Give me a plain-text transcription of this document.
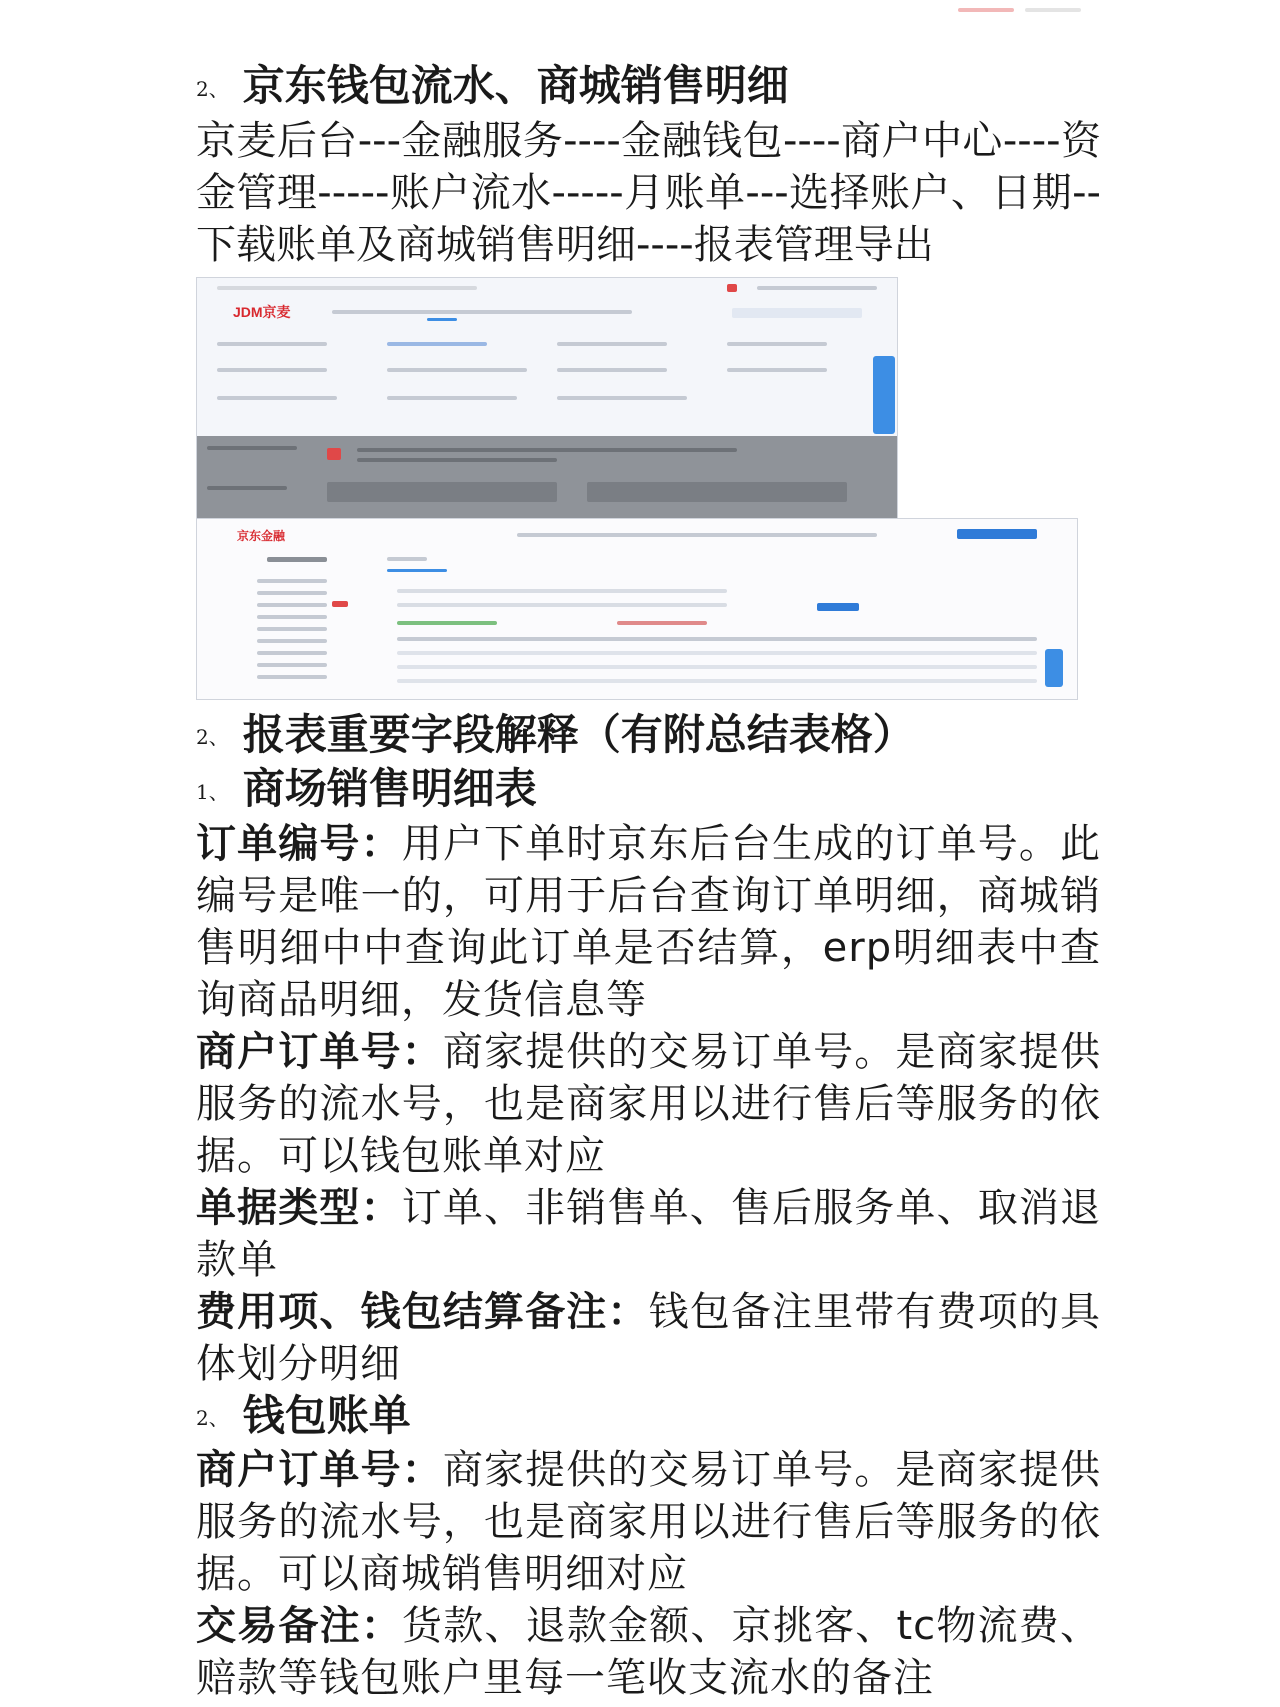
2、 京东钱包流水、商城销售明细

京麦后台---金融服务----金融钱包----商户中心----资金管理-----账户流水-----月账单---选择账户、日期--下载账单及商城销售明细----报表管理导出

JDM京麦
京东金融
2、 报表重要字段解释（有附总结表格）
1、 商场销售明细表

订单编号：用户下单时京东后台生成的订单号。此编号是唯一的，可用于后台查询订单明细，商城销售明细中中查询此订单是否结算，erp明细表中查询商品明细，发货信息等

商户订单号：商家提供的交易订单号。是商家提供服务的流水号，也是商家用以进行售后等服务的依据。可以钱包账单对应

单据类型：订单、非销售单、售后服务单、取消退款单

费用项、钱包结算备注：钱包备注里带有费项的具体划分明细

2、 钱包账单

商户订单号：商家提供的交易订单号。是商家提供服务的流水号，也是商家用以进行售后等服务的依据。可以商城销售明细对应

交易备注：货款、退款金额、京挑客、tc物流费、赔款等钱包账户里每一笔收支流水的备注
